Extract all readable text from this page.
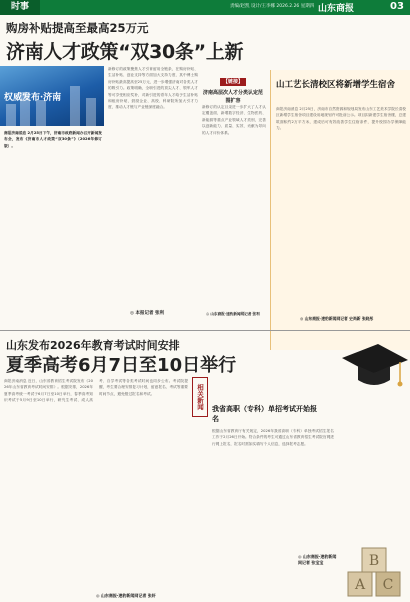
时事	责编/赵凯 设计/王李娜 2026.2.26 星期四 山东商报	03
购房补贴提高至最高25万元
济南人才政策“双30条”上新
权威发布·济南
商报济南消息 2月25日下午，济南市政府新闻办召开新闻发布会，发布《济南市人才政策“双30条”》（2026年修订版）。
新修订的政策聚焦人才引育留用全链条，在购房补贴、生活补贴、创业支持等方面加大支持力度，其中博士购房补贴最高提高至25万元，进一步增强济南对各类人才的吸引力。政策明确，全职引进的顶尖人才、领军人才等可享受相应奖补，对新引进的青年人才给予生活补贴和租房补贴，鼓励企业、高校、科研院所加大引才力度，推动人才链与产业链深度融合。
◎ 本报记者 张利
【链接】
济南高层次人才分类认定范围扩容
新修订的认定目录进一步扩大了人才认定覆盖面，新增数字经济、生物医药、新能源等重点产业领域人才类别，完善以创新能力、质量、实效、贡献为导向的人才评价体系。
◎ 山东商报·速豹新闻网记者 张利
山工艺长清校区将新增学生宿舍
商报济南消息 2月25日，济南市自然资源和规划局发布山东工艺美术学院长清校区新增学生宿舍项目建设用地规划许可批前公示。项目拟新建学生宿舍楼，总建筑面积约2万平方米，建成后可有效改善学生住宿条件，提升校园办学保障能力。
◎ 山东商报·速豹新闻网记者 史尚新 张晓彤
山东发布2026年教育考试时间安排
夏季高考6月7日至10日举行
商报济南消息 近日，山东省教育招生考试院发布《2026年山东省教育考试时间安排》。根据安排，2026年夏季高考统一考试于6月7日至10日举行，春季高考知识考试于5月9日至10日举行，研究生考试、成人高考、自学考试等各类考试时间也同步公布。考试院提醒，考生要合理安排复习计划，留意报名、考试等重要时间节点，避免错过报名和考试。
◎ 山东商报·速豹新闻网记者 张轩
相关新闻	我省高职（专科）单招考试开始报名
根据山东省教育厅有关规定，2026年我省高职（专科）单独考试招生报名工作于2月26日开始。符合条件的考生可通过山东省教育招生考试院官网进行网上报名，报名时需如实填写个人信息，选择报考志愿。
◎ 山东商报·速豹新闻网记者 张宝宝
A C
B
